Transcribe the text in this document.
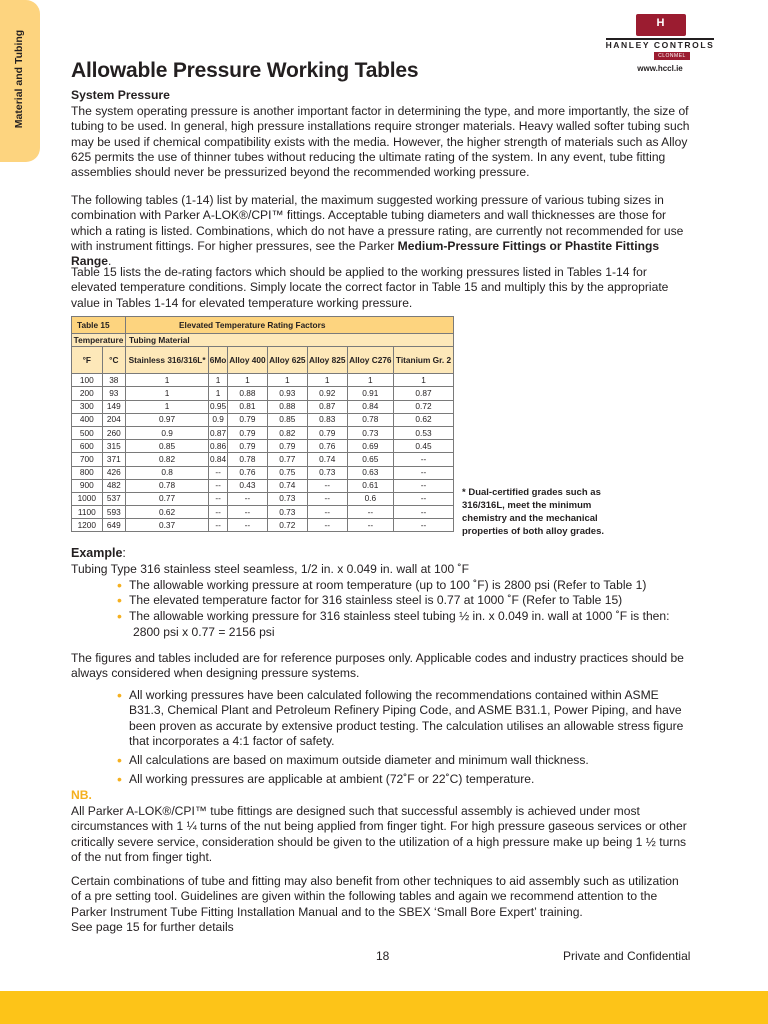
Material and Tubing
H
HANLEY CONTROLS
CLONMEL
www.hccl.ie
Allowable Pressure Working Tables

System Pressure

The system operating pressure is another important factor in determining the type, and more importantly, the size of tubing to be used. In general, high pressure installations require stronger materials. Heavy walled softer tubing such may be used if chemical compatibility exists with the media. However, the higher strength of materials such as Alloy 625 permits the use of thinner tubes without reducing the ultimate rating of the system. In any event, tube fitting assemblies should never be pressurized beyond the recommended working pressure.

The following tables (1-14) list by material, the maximum suggested working pressure of various tubing sizes in combination with Parker A-LOK®/CPI™ fittings. Acceptable tubing diameters and wall thicknesses are those for which a rating is listed. Combinations, which do not have a pressure rating, are currently not recommended for use with instrument fittings. For higher pressures, see the Parker Medium-Pressure Fittings or Phastite Fittings Range.

Table 15 lists the de-rating factors which should be applied to the working pressures listed in Tables 1-14 for elevated temperature conditions. Simply locate the correct factor in Table 15 and multiply this by the appropriate value in Tables 1-14 for elevated temperature working pressure.

Table 15		Elevated Temperature Rating Factors						
Temperature		Tubing Material						
°F	°C	Stainless 316/316L*	6Mo	Alloy 400	Alloy 625	Alloy 825	Alloy C276	Titanium Gr. 2
100	38	1	1	1	1	1	1	1
200	93	1	1	0.88	0.93	0.92	0.91	0.87
300	149	1	0.95	0.81	0.88	0.87	0.84	0.72
400	204	0.97	0.9	0.79	0.85	0.83	0.78	0.62
500	260	0.9	0.87	0.79	0.82	0.79	0.73	0.53
600	315	0.85	0.86	0.79	0.79	0.76	0.69	0.45
700	371	0.82	0.84	0.78	0.77	0.74	0.65	--
800	426	0.8	--	0.76	0.75	0.73	0.63	--
900	482	0.78	--	0.43	0.74	--	0.61	--
1000	537	0.77	--	--	0.73	--	0.6	--
1100	593	0.62	--	--	0.73	--	--	--
1200	649	0.37	--	--	0.72	--	--	--

* Dual-certified grades such as 316/316L, meet the minimum chemistry and the mechanical properties of both alloy grades.

Example:

Tubing Type 316 stainless steel seamless, 1/2 in. x 0.049 in. wall at 100 ˚F

• The allowable working pressure at room temperature (up to 100 ˚F) is 2800 psi (Refer to Table 1)
• The elevated temperature factor for 316 stainless steel is 0.77 at 1000 ˚F (Refer to Table 15)
• The allowable working pressure for 316 stainless steel tubing ½ in. x 0.049 in. wall at 1000 ˚F is then:

2800 psi x 0.77 = 2156 psi

The figures and tables included are for reference purposes only. Applicable codes and industry practices should be always considered when designing pressure systems.

• All working pressures have been calculated following the recommendations contained within ASME B31.3, Chemical Plant and Petroleum Refinery Piping Code, and ASME B31.1, Power Piping, and have been proven as accurate by extensive product testing. The calculation utilises an allowable stress figure that incorporates a 4:1 factor of safety.
• All calculations are based on maximum outside diameter and minimum wall thickness.
• All working pressures are applicable at ambient (72˚F or 22˚C) temperature.

NB.

All Parker A-LOK®/CPI™ tube fittings are designed such that successful assembly is achieved under most circumstances with 1 ¼ turns of the nut being applied from finger tight. For high pressure gaseous services or other critically severe service, consideration should be given to the utilization of a high pressure make up being 1 ½ turns of the nut from finger tight.

Certain combinations of tube and fitting may also benefit from other techniques to aid assembly such as utilization of a pre setting tool. Guidelines are given within the following tables and again we recommend attention to the Parker Instrument Tube Fitting Installation Manual and to the SBEX ‘Small Bore Expert’ training.

See page 15 for further details

18	Private and Confidential
